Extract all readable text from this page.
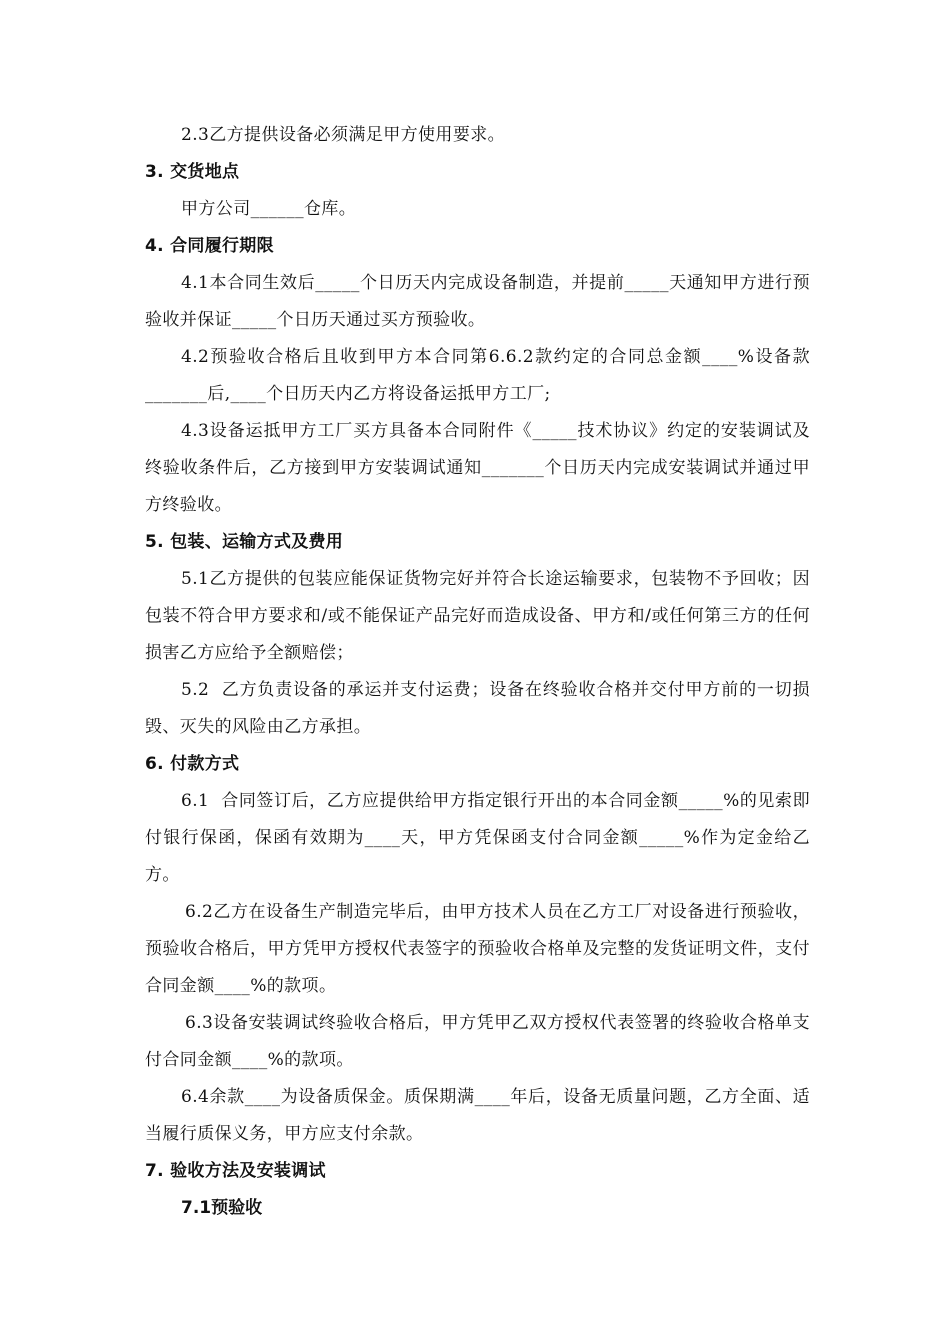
2.3乙方提供设备必须满足甲方使用要求。

3. 交货地点

甲方公司______仓库。

4. 合同履行期限

4.1本合同生效后_____个日历天内完成设备制造，并提前_____天通知甲方进行预验收并保证_____个日历天通过买方预验收。

4.2预验收合格后且收到甲方本合同第6.6.2款约定的合同总金额____%设备款_______后,____个日历天内乙方将设备运抵甲方工厂;

4.3设备运抵甲方工厂买方具备本合同附件《_____技术协议》约定的安装调试及终验收条件后，乙方接到甲方安装调试通知_______个日历天内完成安装调试并通过甲方终验收。

5. 包装、运输方式及费用

5.1乙方提供的包装应能保证货物完好并符合长途运输要求，包装物不予回收；因包装不符合甲方要求和/或不能保证产品完好而造成设备、甲方和/或任何第三方的任何损害乙方应给予全额赔偿；

5.2  乙方负责设备的承运并支付运费；设备在终验收合格并交付甲方前的一切损毁、灭失的风险由乙方承担。

6. 付款方式

6.1  合同签订后，乙方应提供给甲方指定银行开出的本合同金额_____%的见索即付银行保函，保函有效期为____天，甲方凭保函支付合同金额_____%作为定金给乙方。

6.2乙方在设备生产制造完毕后，由甲方技术人员在乙方工厂对设备进行预验收，预验收合格后，甲方凭甲方授权代表签字的预验收合格单及完整的发货证明文件，支付合同金额____%的款项。

6.3设备安装调试终验收合格后，甲方凭甲乙双方授权代表签署的终验收合格单支付合同金额____%的款项。

6.4余款____为设备质保金。质保期满____年后，设备无质量问题，乙方全面、适当履行质保义务，甲方应支付余款。

7. 验收方法及安装调试

7.1预验收
